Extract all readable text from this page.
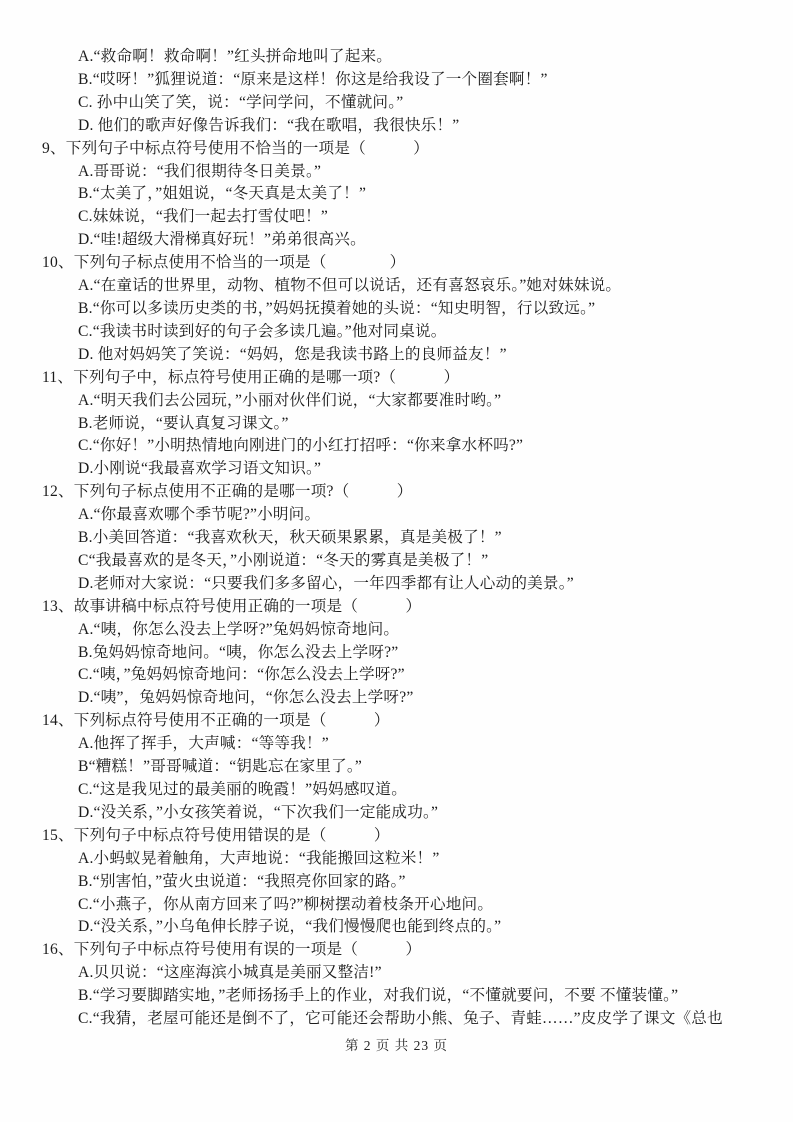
A.“救命啊！救命啊！”红头拼命地叫了起来。

B.“哎呀！”狐狸说道：“原来是这样！你这是给我设了一个圈套啊！”

C. 孙中山笑了笑，说：“学问学问，不懂就问。”

D. 他们的歌声好像告诉我们：“我在歌唱，我很快乐！”

9、下列句子中标点符号使用不恰当的一项是（　　　）

A.哥哥说：“我们很期待冬日美景。”

B.“太美了，”姐姐说，“冬天真是太美了！”

C.妹妹说，“我们一起去打雪仗吧！”

D.“哇!超级大滑梯真好玩！”弟弟很高兴。

10、下列句子标点使用不恰当的一项是（　　　　）

A.“在童话的世界里，动物、植物不但可以说话，还有喜怒哀乐。”她对妹妹说。

B.“你可以多读历史类的书，”妈妈抚摸着她的头说：“知史明智，行以致远。”

C.“我读书时读到好的句子会多读几遍。”他对同桌说。

D. 他对妈妈笑了笑说：“妈妈，您是我读书路上的良师益友！”

11、下列句子中，标点符号使用正确的是哪一项?（　　　）

A.“明天我们去公园玩，”小丽对伙伴们说，“大家都要准时哟。”

B.老师说，“要认真复习课文。”

C.“你好！”小明热情地向刚进门的小红打招呼：“你来拿水杯吗?”

D.小刚说“我最喜欢学习语文知识。”

12、下列句子标点使用不正确的是哪一项?（　　　）

A.“你最喜欢哪个季节呢?”小明问。

B.小美回答道：“我喜欢秋天，秋天硕果累累，真是美极了！”

C“我最喜欢的是冬天，”小刚说道：“冬天的雾真是美极了！”

D.老师对大家说：“只要我们多多留心，一年四季都有让人心动的美景。”

13、故事讲稿中标点符号使用正确的一项是（　　　）

A.“咦，你怎么没去上学呀?”兔妈妈惊奇地问。

B.兔妈妈惊奇地问。“咦，你怎么没去上学呀?”

C.“咦，”兔妈妈惊奇地问：“你怎么没去上学呀?”

D.“咦”，兔妈妈惊奇地问，“你怎么没去上学呀?”

14、下列标点符号使用不正确的一项是（　　　）

A.他挥了挥手，大声喊：“等等我！”

B“糟糕！”哥哥喊道：“钥匙忘在家里了。”

C.“这是我见过的最美丽的晚霞！”妈妈感叹道。

D.“没关系，”小女孩笑着说，“下次我们一定能成功。”

15、下列句子中标点符号使用错误的是（　　　）

A.小蚂蚁晃着触角，大声地说：“我能搬回这粒米！”

B.“别害怕，”萤火虫说道：“我照亮你回家的路。”

C.“小燕子，你从南方回来了吗?”柳树摆动着枝条开心地问。

D.“没关系，”小乌龟伸长脖子说，“我们慢慢爬也能到终点的。”

16、下列句子中标点符号使用有误的一项是（　　　）

A.贝贝说：“这座海滨小城真是美丽又整洁!”

B.“学习要脚踏实地，”老师扬扬手上的作业，对我们说，“不懂就要问，不要 不懂装懂。”

C.“我猜，老屋可能还是倒不了，它可能还会帮助小熊、兔子、青蛙……”皮皮学了课文《总也

第 2 页 共 23 页
